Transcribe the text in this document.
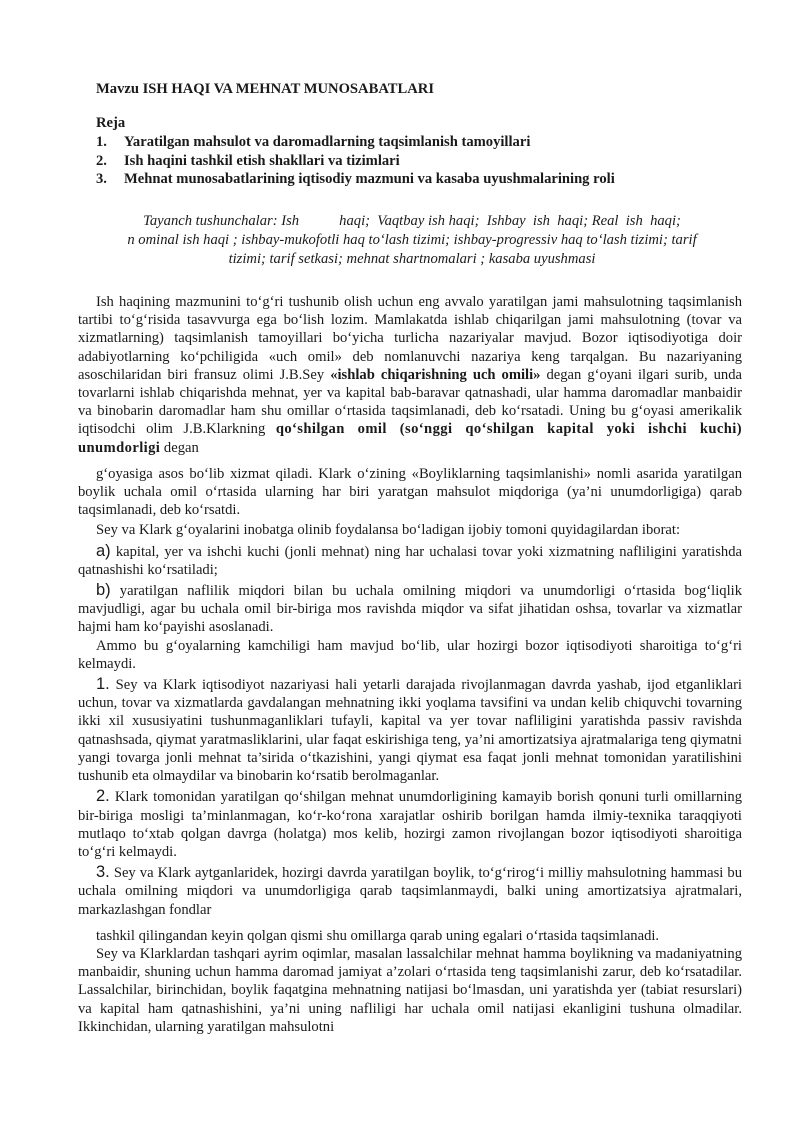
Mavzu ISH HAQI VA MEHNAT MUNOSABATLARI
Reja
1.	Yaratilgan mahsulot va daromadlarning taqsimlanish tamoyillari
2.	Ish haqini tashkil etish shakllari va tizimlari
3.	Mehnat munosabatlarining iqtisodiy mazmuni va kasaba uyushmalarining roli
Tayanch tushunchalar: Ish           haqi;  Vaqtbay ish haqi;  Ishbay  ish  haqi; Real  ish  haqi;
n ominal ish haqi ; ishbay-mukofotli haq to‘lash tizimi; ishbay-progressiv haq to‘lash tizimi; tarif
tizimi; tarif setkasi; mehnat shartnomalari ; kasaba uyushmasi

Ish haqining mazmunini to‘g‘ri tushunib olish uchun eng avvalo yaratilgan jami mahsulotning taqsimlanish tartibi to‘g‘risida tasavvurga ega bo‘lish lozim. Mamlakatda ishlab chiqarilgan jami mahsulotning (tovar va xizmatlarning) taqsimlanish tamoyillari bo‘yicha turlicha nazariyalar mavjud. Bozor iqtisodiyotiga doir adabiyotlarning ko‘pchiligida «uch omil» deb nomlanuvchi nazariya keng tarqalgan. Bu nazariyaning asoschilaridan biri fransuz olimi J.B.Sey «ishlab chiqarishning uch omili» degan g‘oyani ilgari surib, unda tovarlarni ishlab chiqarishda mehnat, yer va kapital bab-baravar qatnashadi, ular hamma daromadlar manbaidir va binobarin daromadlar ham shu omillar o‘rtasida taqsimlanadi, deb ko‘rsatadi. Uning bu g‘oyasi amerikalik iqtisodchi olim J.B.Klarkning qo‘shilgan omil (so‘nggi qo‘shilgan kapital yoki ishchi kuchi) unumdorligi degan

g‘oyasiga asos bo‘lib xizmat qiladi. Klark o‘zining «Boyliklarning taqsimlanishi» nomli asarida yaratilgan boylik uchala omil o‘rtasida ularning har biri yaratgan mahsulot miqdoriga (ya’ni unumdorligiga) qarab taqsimlanadi, deb ko‘rsatdi.

Sey va Klark g‘oyalarini inobatga olinib foydalansa bo‘ladigan ijobiy tomoni quyidagilardan iborat:

a) kapital, yer va ishchi kuchi (jonli mehnat) ning har uchalasi tovar yoki xizmatning nafliligini yaratishda qatnashishi ko‘rsatiladi;

b) yaratilgan naflilik miqdori bilan bu uchala omilning miqdori va unumdorligi o‘rtasida bog‘liqlik mavjudligi, agar bu uchala omil bir-biriga mos ravishda miqdor va sifat jihatidan oshsa, tovarlar va xizmatlar hajmi ham ko‘payishi asoslanadi.

Ammo bu g‘oyalarning kamchiligi ham mavjud bo‘lib, ular hozirgi bozor iqtisodiyoti sharoitiga to‘g‘ri kelmaydi.

1. Sey va Klark iqtisodiyot nazariyasi hali yetarli darajada rivojlanmagan davrda yashab, ijod etganliklari uchun, tovar va xizmatlarda gavdalangan mehnatning ikki yoqlama tavsifini va undan kelib chiquvchi tovarning ikki xil xususiyatini tushunmaganliklari tufayli, kapital va yer tovar nafliligini yaratishda passiv ravishda qatnashsada, qiymat yaratmasliklarini, ular faqat eskirishiga teng, ya’ni amortizatsiya ajratmalariga teng qiymatni yangi tovarga jonli mehnat ta’sirida o‘tkazishini, yangi qiymat esa faqat jonli mehnat tomonidan yaratilishini tushunib eta olmaydilar va binobarin ko‘rsatib berolmaganlar.

2. Klark tomonidan yaratilgan qo‘shilgan mehnat unumdorligining kamayib borish qonuni turli omillarning bir-biriga mosligi ta’minlanmagan, ko‘r-ko‘rona xarajatlar oshirib borilgan hamda ilmiy-texnika taraqqiyoti mutlaqo to‘xtab qolgan davrga (holatga) mos kelib, hozirgi zamon rivojlangan bozor iqtisodiyoti sharoitiga to‘g‘ri kelmaydi.

3. Sey va Klark aytganlaridek, hozirgi davrda yaratilgan boylik, to‘g‘rirog‘i milliy mahsulotning hammasi bu uchala omilning miqdori va unumdorligiga qarab taqsimlanmaydi, balki uning amortizatsiya ajratmalari, markazlashgan fondlar

tashkil qilingandan keyin qolgan qismi shu omillarga qarab uning egalari o‘rtasida taqsimlanadi.

Sey va Klarklardan tashqari ayrim oqimlar, masalan lassalchilar mehnat hamma boylikning va madaniyatning manbaidir, shuning uchun hamma daromad jamiyat a’zolari o‘rtasida teng taqsimlanishi zarur, deb ko‘rsatadilar. Lassalchilar, birinchidan, boylik faqatgina mehnatning natijasi bo‘lmasdan, uni yaratishda yer (tabiat resurslari) va kapital ham qatnashishini, ya’ni uning nafliligi har uchala omil natijasi ekanligini tushuna olmadilar. Ikkinchidan, ularning yaratilgan mahsulotni
